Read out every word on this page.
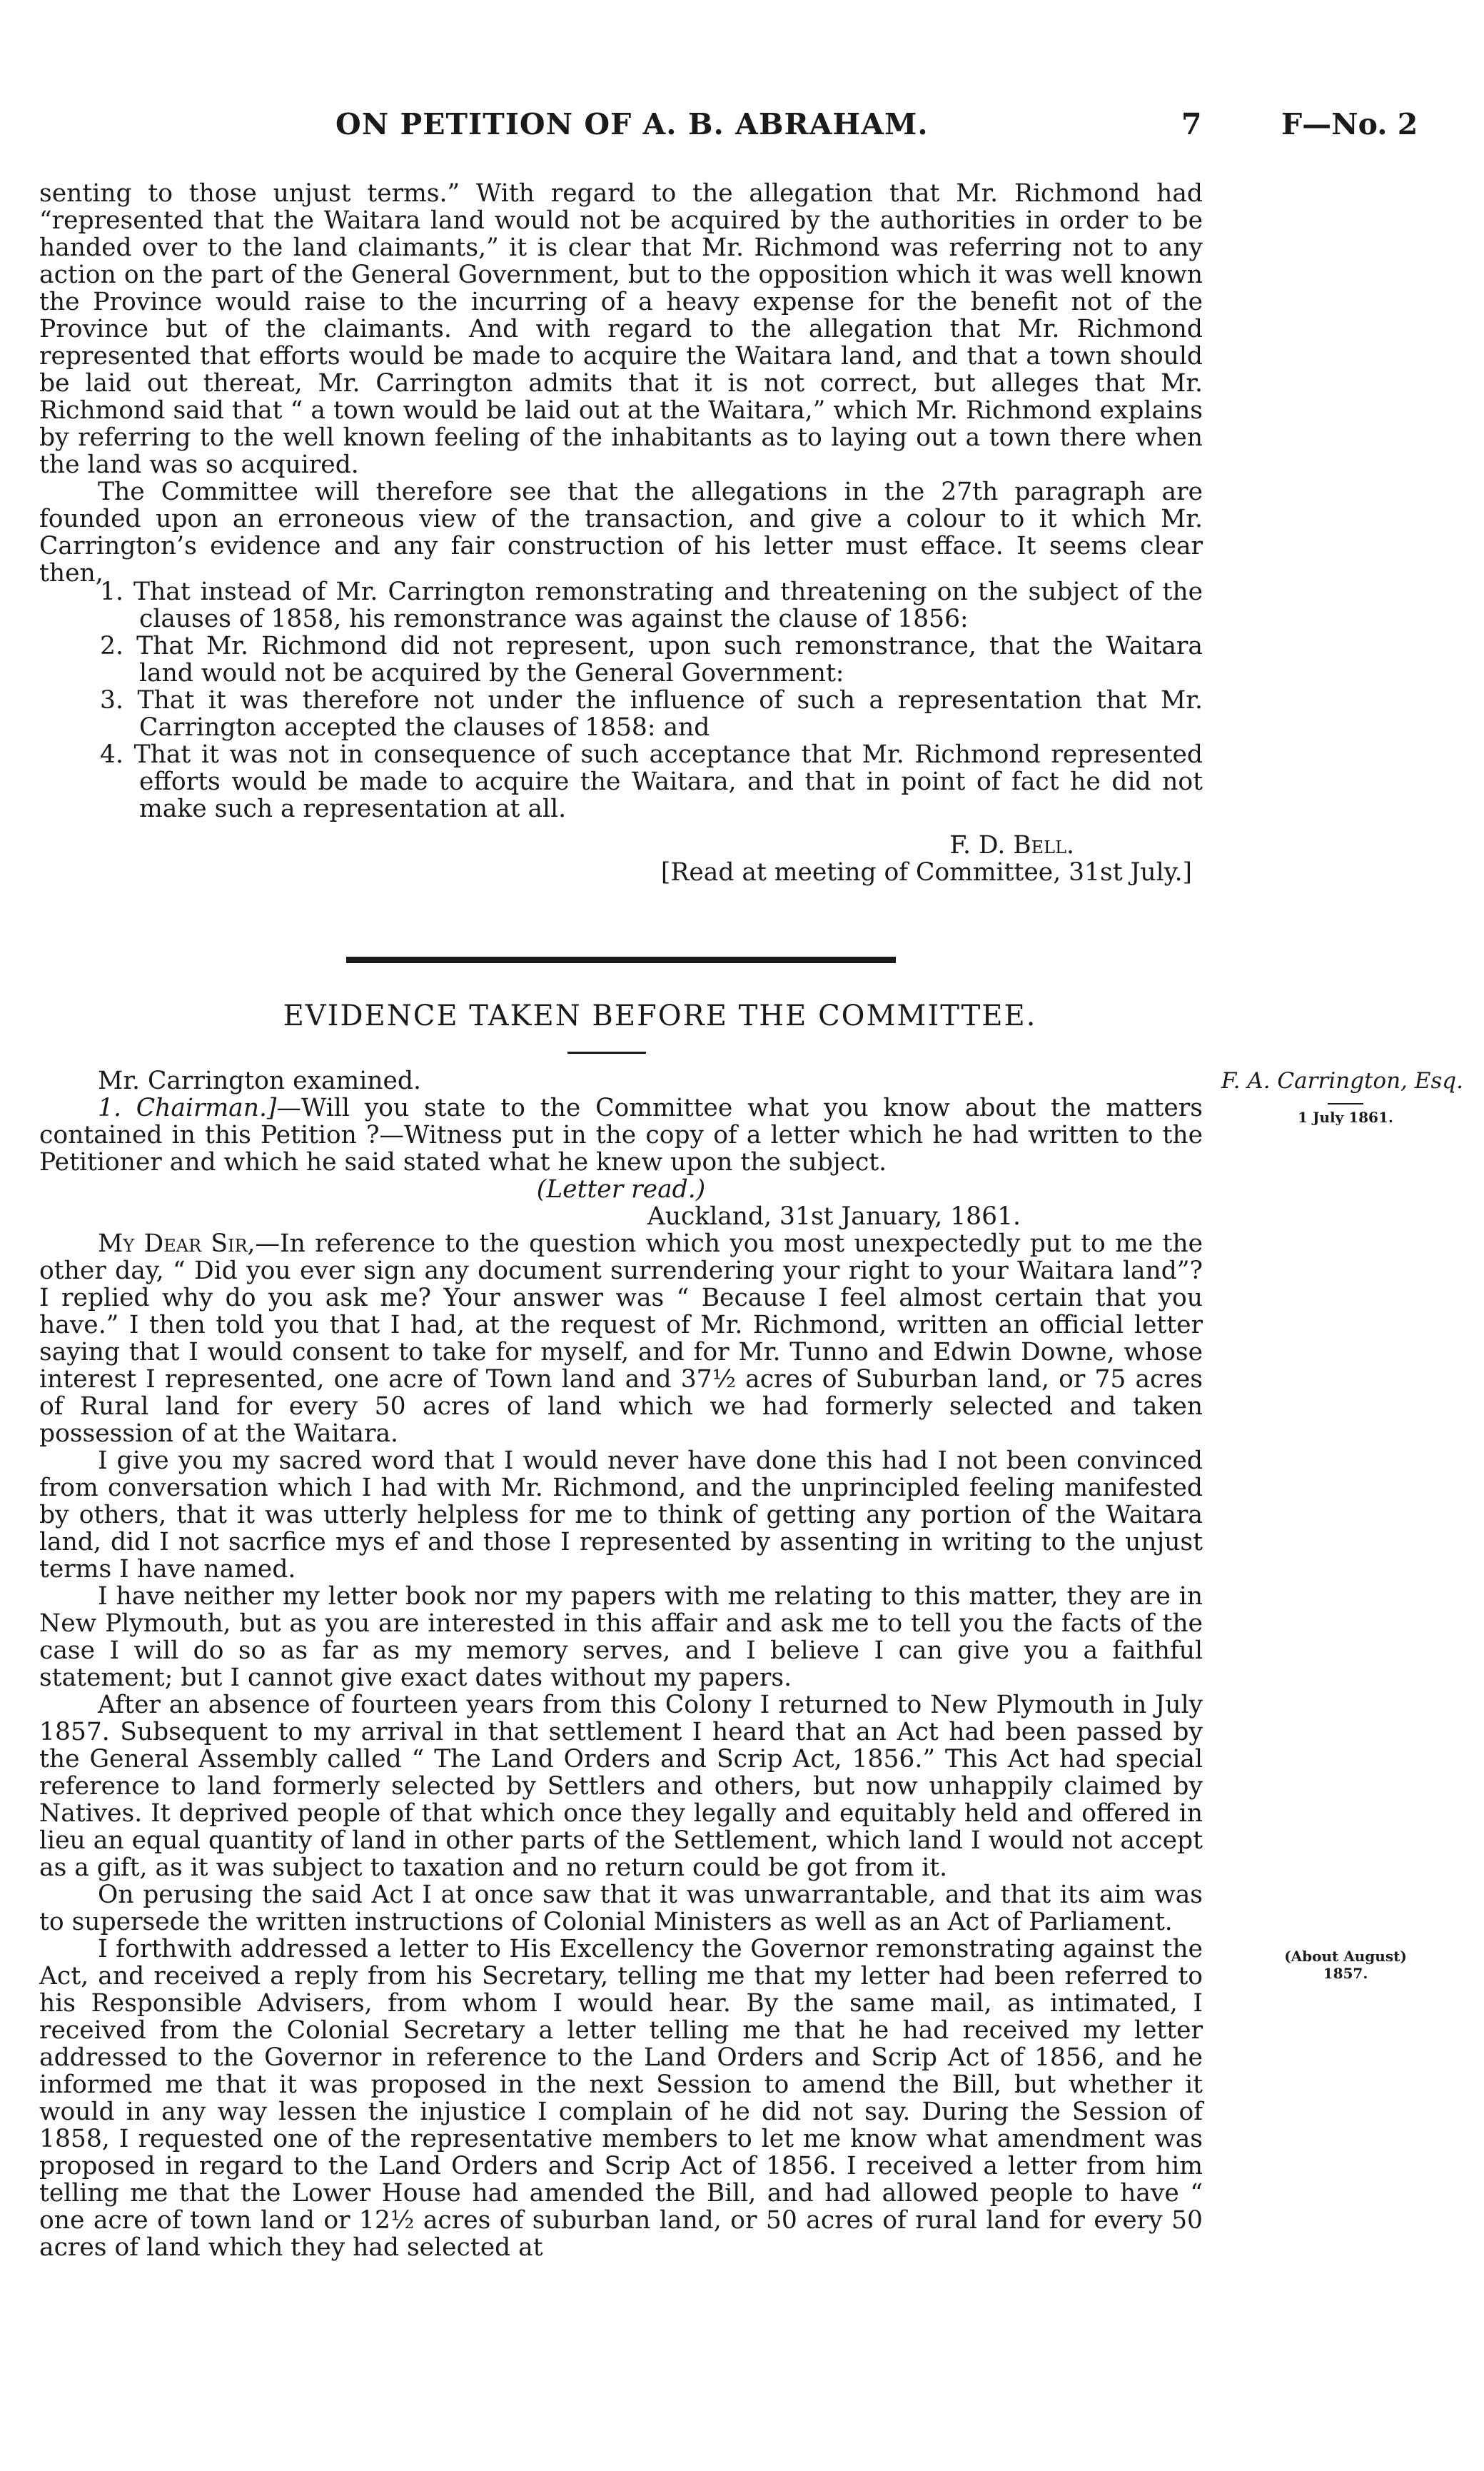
ON PETITION OF A. B. ABRAHAM.	7	F—No. 2

senting to those unjust terms.” With regard to the allegation that Mr. Richmond had “represented that the Waitara land would not be acquired by the authorities in order to be handed over to the land claimants,” it is clear that Mr. Richmond was referring not to any action on the part of the General Government, but to the opposition which it was well known the Province would raise to the incurring of a heavy expense for the benefit not of the Province but of the claimants. And with regard to the allegation that Mr. Richmond represented that efforts would be made to acquire the Waitara land, and that a town should be laid out thereat, Mr. Carrington admits that it is not correct, but alleges that Mr. Richmond said that “ a town would be laid out at the Waitara,” which Mr. Richmond explains by referring to the well known feeling of the inhabitants as to laying out a town there when the land was so acquired.

The Committee will therefore see that the allegations in the 27th paragraph are founded upon an erroneous view of the transaction, and give a colour to it which Mr. Carrington’s evidence and any fair construction of his letter must efface. It seems clear then,

1. That instead of Mr. Carrington remonstrating and threatening on the subject of the clauses of 1858, his remonstrance was against the clause of 1856:
2. That Mr. Richmond did not represent, upon such remonstrance, that the Waitara land would not be acquired by the General Government:
3. That it was therefore not under the influence of such a representation that Mr. Carrington accepted the clauses of 1858: and
4. That it was not in consequence of such acceptance that Mr. Richmond represented efforts would be made to acquire the Waitara, and that in point of fact he did not make such a representation at all.

F. D. Bell.

[Read at meeting of Committee, 31st July.]

EVIDENCE TAKEN BEFORE THE COMMITTEE.

Mr. Carrington examined.

1. Chairman.]—Will you state to the Committee what you know about the matters contained in this Petition ?—Witness put in the copy of a letter which he had written to the Petitioner and which he said stated what he knew upon the subject.

(Letter read.)

Auckland, 31st January, 1861.

My Dear Sir,—In reference to the question which you most unexpectedly put to me the other day, “ Did you ever sign any document surrendering your right to your Waitara land”? I replied why do you ask me? Your answer was “ Because I feel almost certain that you have.” I then told you that I had, at the request of Mr. Richmond, written an official letter saying that I would consent to take for myself, and for Mr. Tunno and Edwin Downe, whose interest I represented, one acre of Town land and 37½ acres of Suburban land, or 75 acres of Rural land for every 50 acres of land which we had formerly selected and taken possession of at the Waitara.

I give you my sacred word that I would never have done this had I not been convinced from conversation which I had with Mr. Richmond, and the unprincipled feeling manifested by others, that it was utterly helpless for me to think of getting any portion of the Waitara land, did I not sacrfice mys ef and those I represented by assenting in writing to the unjust terms I have named.

I have neither my letter book nor my papers with me relating to this matter, they are in New Plymouth, but as you are interested in this affair and ask me to tell you the facts of the case I will do so as far as my memory serves, and I believe I can give you a faithful statement; but I cannot give exact dates without my papers.

After an absence of fourteen years from this Colony I returned to New Plymouth in July 1857. Subsequent to my arrival in that settlement I heard that an Act had been passed by the General Assembly called “ The Land Orders and Scrip Act, 1856.” This Act had special reference to land formerly selected by Settlers and others, but now unhappily claimed by Natives. It deprived people of that which once they legally and equitably held and offered in lieu an equal quantity of land in other parts of the Settlement, which land I would not accept as a gift, as it was subject to taxation and no return could be got from it.

On perusing the said Act I at once saw that it was unwarrantable, and that its aim was to supersede the written instructions of Colonial Ministers as well as an Act of Parliament.

I forthwith addressed a letter to His Excellency the Governor remonstrating against the Act, and received a reply from his Secretary, telling me that my letter had been referred to his Responsible Advisers, from whom I would hear. By the same mail, as intimated, I received from the Colonial Secretary a letter telling me that he had received my letter addressed to the Governor in reference to the Land Orders and Scrip Act of 1856, and he informed me that it was proposed in the next Session to amend the Bill, but whether it would in any way lessen the injustice I complain of he did not say. During the Session of 1858, I requested one of the representative members to let me know what amendment was proposed in regard to the Land Orders and Scrip Act of 1856. I received a letter from him telling me that the Lower House had amended the Bill, and had allowed people to have “ one acre of town land or 12½ acres of suburban land, or 50 acres of rural land for every 50 acres of land which they had selected at

F. A. Carrington, Esq.
1 July 1861.
(About August)
1857.
